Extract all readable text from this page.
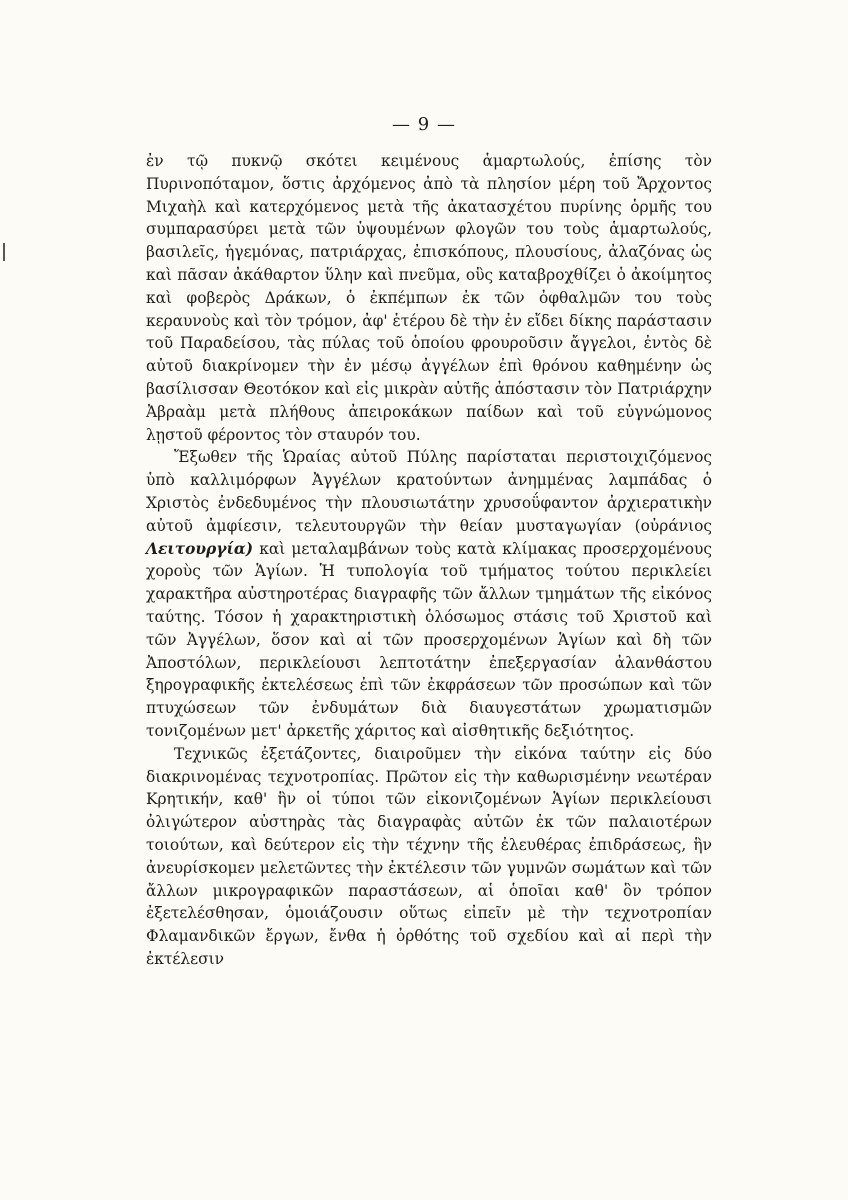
— 9 —

ἐν τῷ πυκνῷ σκότει κειμένους ἁμαρτωλούς, ἐπίσης τὸν Πυρινοπόταμον, ὅστις ἀρχόμενος ἀπὸ τὰ πλησίον μέρη τοῦ Ἄρχοντος Μιχαὴλ καὶ κατερχόμενος μετὰ τῆς ἀκατασχέτου πυρίνης ὁρμῆς του συμπαρασύρει μετὰ τῶν ὑψουμένων φλογῶν του τοὺς ἁμαρτωλούς, βασιλεῖς, ἡγεμόνας, πατριάρχας, ἐπισκόπους, πλουσίους, ἀλαζόνας ὡς καὶ πᾶσαν ἀκάθαρτον ὕλην καὶ πνεῦμα, οὓς καταβροχθίζει ὁ ἀκοίμητος καὶ φοβερὸς Δράκων, ὁ ἐκπέμπων ἐκ τῶν ὀφθαλμῶν του τοὺς κεραυνοὺς καὶ τὸν τρόμον, ἀφ' ἑτέρου δὲ τὴν ἐν εἴδει δίκης παράστασιν τοῦ Παραδείσου, τὰς πύλας τοῦ ὁποίου φρουροῦσιν ἄγγελοι, ἐντὸς δὲ αὐτοῦ διακρίνομεν τὴν ἐν μέσῳ ἀγγέλων ἐπὶ θρόνου καθημένην ὡς βασίλισσαν Θεοτόκον καὶ εἰς μικρὰν αὐτῆς ἀπόστασιν τὸν Πατριάρχην Ἀβραὰμ μετὰ πλήθους ἀπειροκάκων παίδων καὶ τοῦ εὐγνώμονος λῃστοῦ φέροντος τὸν σταυρόν του.

Ἔξωθεν τῆς Ὡραίας αὐτοῦ Πύλης παρίσταται περιστοιχιζόμενος ὑπὸ καλλιμόρφων Ἀγγέλων κρατούντων ἀνημμένας λαμπάδας ὁ Χριστὸς ἐνδεδυμένος τὴν πλουσιωτάτην χρυσοΰφαντον ἀρχιερατικὴν αὐτοῦ ἀμφίεσιν, τελευτουργῶν τὴν θείαν μυσταγωγίαν (οὐράνιος Λειτουργία) καὶ μεταλαμβάνων τοὺς κατὰ κλίμακας προσερχομένους χοροὺς τῶν Ἁγίων. Ἡ τυπολογία τοῦ τμήματος τούτου περικλείει χαρακτῆρα αὐστηροτέρας διαγραφῆς τῶν ἄλλων τμημάτων τῆς εἰκόνος ταύτης. Τόσον ἡ χαρακτηριστικὴ ὁλόσωμος στάσις τοῦ Χριστοῦ καὶ τῶν Ἀγγέλων, ὅσον καὶ αἱ τῶν προσερχομένων Ἁγίων καὶ δὴ τῶν Ἀποστόλων, περικλείουσι λεπτοτάτην ἐπεξεργασίαν ἀλανθάστου ξηρογραφικῆς ἐκτελέσεως ἐπὶ τῶν ἐκφράσεων τῶν προσώπων καὶ τῶν πτυχώσεων τῶν ἐνδυμάτων διὰ διαυγεστάτων χρωματισμῶν τονιζομένων μετ' ἀρκετῆς χάριτος καὶ αἰσθητικῆς δεξιότητος.

Τεχνικῶς ἐξετάζοντες, διαιροῦμεν τὴν εἰκόνα ταύτην εἰς δύο διακρινομένας τεχνοτροπίας. Πρῶτον εἰς τὴν καθωρισμένην νεωτέραν Κρητικήν, καθ' ἣν οἱ τύποι τῶν εἰκονιζομένων Ἁγίων περικλείουσι ὀλιγώτερον αὐστηρὰς τὰς διαγραφὰς αὐτῶν ἐκ τῶν παλαιοτέρων τοιούτων, καὶ δεύτερον εἰς τὴν τέχνην τῆς ἐλευθέρας ἐπιδράσεως, ἣν ἀνευρίσκομεν μελετῶντες τὴν ἐκτέλεσιν τῶν γυμνῶν σωμάτων καὶ τῶν ἄλλων μικρογραφικῶν παραστάσεων, αἱ ὁποῖαι καθ' ὃν τρόπον ἐξετελέσθησαν, ὁμοιάζουσιν οὕτως εἰπεῖν μὲ τὴν τεχνοτροπίαν Φλαμανδικῶν ἔργων, ἔνθα ἡ ὀρθότης τοῦ σχεδίου καὶ αἱ περὶ τὴν ἐκτέλεσιν
